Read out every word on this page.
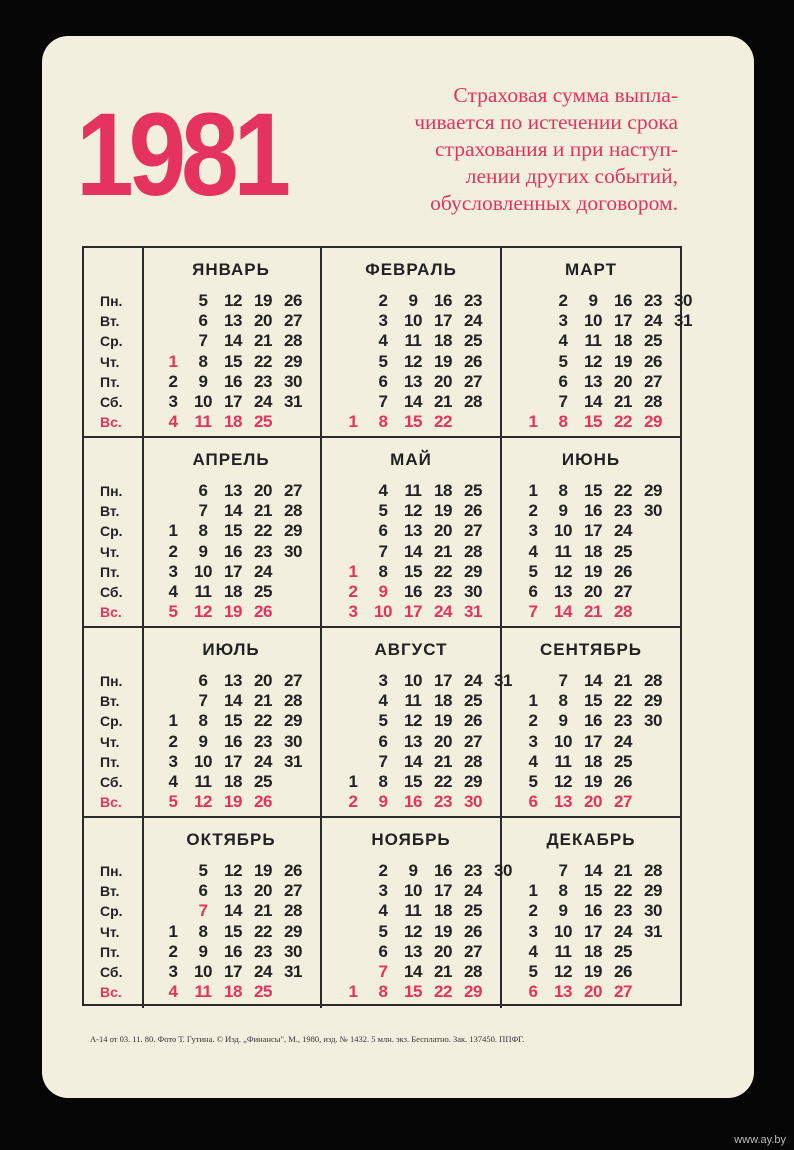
1981	Страховая сумма выпла-
чивается по истечении срока
страхования и при наступ-
лении других событий,
обусловленных договором.
Пн.
Вт.
Ср.
Чт.
Пт.
Сб.
Вс.
ЯНВАРЬ
1
2
3
4
5
6
7
8
9
10
11
12
13
14
15
16
17
18
19
20
21
22
23
24
25
26
27
28
29
30
31
ФЕВРАЛЬ
1
2
3
4
5
6
7
8
9
10
11
12
13
14
15
16
17
18
19
20
21
22
23
24
25
26
27
28
МАРТ
1
2
3
4
5
6
7
8
9
10
11
12
13
14
15
16
17
18
19
20
21
22
23
24
25
26
27
28
29
30
31
Пн.
Вт.
Ср.
Чт.
Пт.
Сб.
Вс.
АПРЕЛЬ
1
2
3
4
5
6
7
8
9
10
11
12
13
14
15
16
17
18
19
20
21
22
23
24
25
26
27
28
29
30
МАЙ
1
2
3
4
5
6
7
8
9
10
11
12
13
14
15
16
17
18
19
20
21
22
23
24
25
26
27
28
29
30
31
ИЮНЬ
1
2
3
4
5
6
7
8
9
10
11
12
13
14
15
16
17
18
19
20
21
22
23
24
25
26
27
28
29
30
Пн.
Вт.
Ср.
Чт.
Пт.
Сб.
Вс.
ИЮЛЬ
1
2
3
4
5
6
7
8
9
10
11
12
13
14
15
16
17
18
19
20
21
22
23
24
25
26
27
28
29
30
31
АВГУСТ
1
2
3
4
5
6
7
8
9
10
11
12
13
14
15
16
17
18
19
20
21
22
23
24
25
26
27
28
29
30
31
СЕНТЯБРЬ
1
2
3
4
5
6
7
8
9
10
11
12
13
14
15
16
17
18
19
20
21
22
23
24
25
26
27
28
29
30
Пн.
Вт.
Ср.
Чт.
Пт.
Сб.
Вс.
ОКТЯБРЬ
1
2
3
4
5
6
7
8
9
10
11
12
13
14
15
16
17
18
19
20
21
22
23
24
25
26
27
28
29
30
31
НОЯБРЬ
1
2
3
4
5
6
7
8
9
10
11
12
13
14
15
16
17
18
19
20
21
22
23
24
25
26
27
28
29
30
ДЕКАБРЬ
1
2
3
4
5
6
7
8
9
10
11
12
13
14
15
16
17
18
19
20
21
22
23
24
25
26
27
28
29
30
31
А-14 от 03. 11. 80. Фото Т. Гутина. © Изд. „Финансы", М., 1980, изд. № 1432. 5 млн. экз. Бесплатно. Зак. 137450. ППФГ.
www.ay.by
